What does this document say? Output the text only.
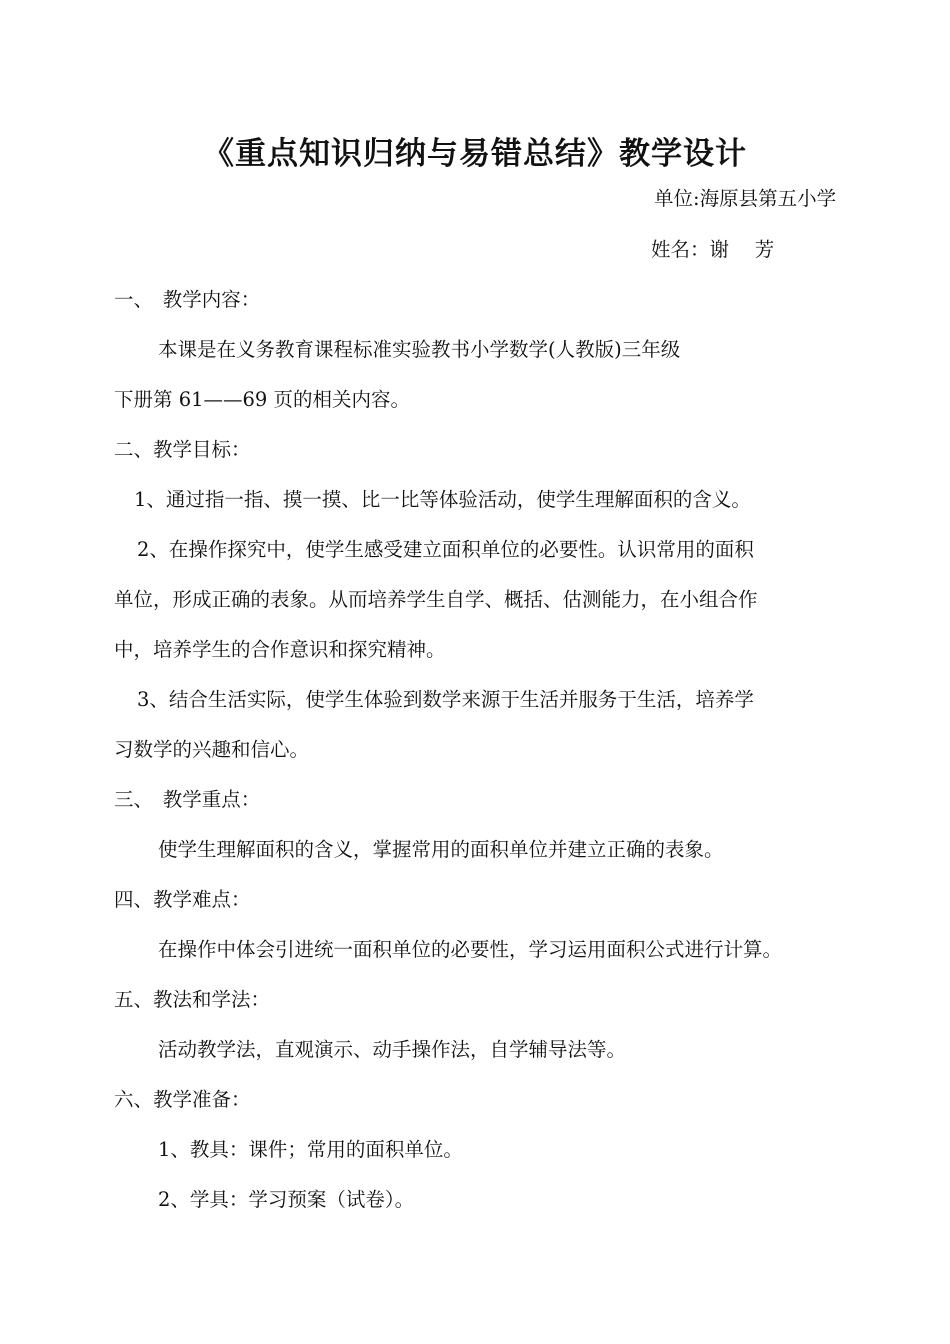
《重点知识归纳与易错总结》教学设计
单位:海原县第五小学
姓名：谢　 芳
一、　教学内容：
本课是在义务教育课程标准实验教书小学数学(人教版)三年级
下册第 61——69 页的相关内容。
二、教学目标：
1、通过指一指、摸一摸、比一比等体验活动，使学生理解面积的含义。
2、在操作探究中，使学生感受建立面积单位的必要性。认识常用的面积
单位，形成正确的表象。从而培养学生自学、概括、估测能力，在小组合作
中，培养学生的合作意识和探究精神。
3、结合生活实际，使学生体验到数学来源于生活并服务于生活，培养学
习数学的兴趣和信心。
三、　教学重点：
使学生理解面积的含义，掌握常用的面积单位并建立正确的表象。
四、教学难点：
在操作中体会引进统一面积单位的必要性，学习运用面积公式进行计算。
五、教法和学法：
活动教学法，直观演示、动手操作法，自学辅导法等。
六、教学准备：
1、教具：课件；常用的面积单位。
2、学具：学习预案（试卷）。
